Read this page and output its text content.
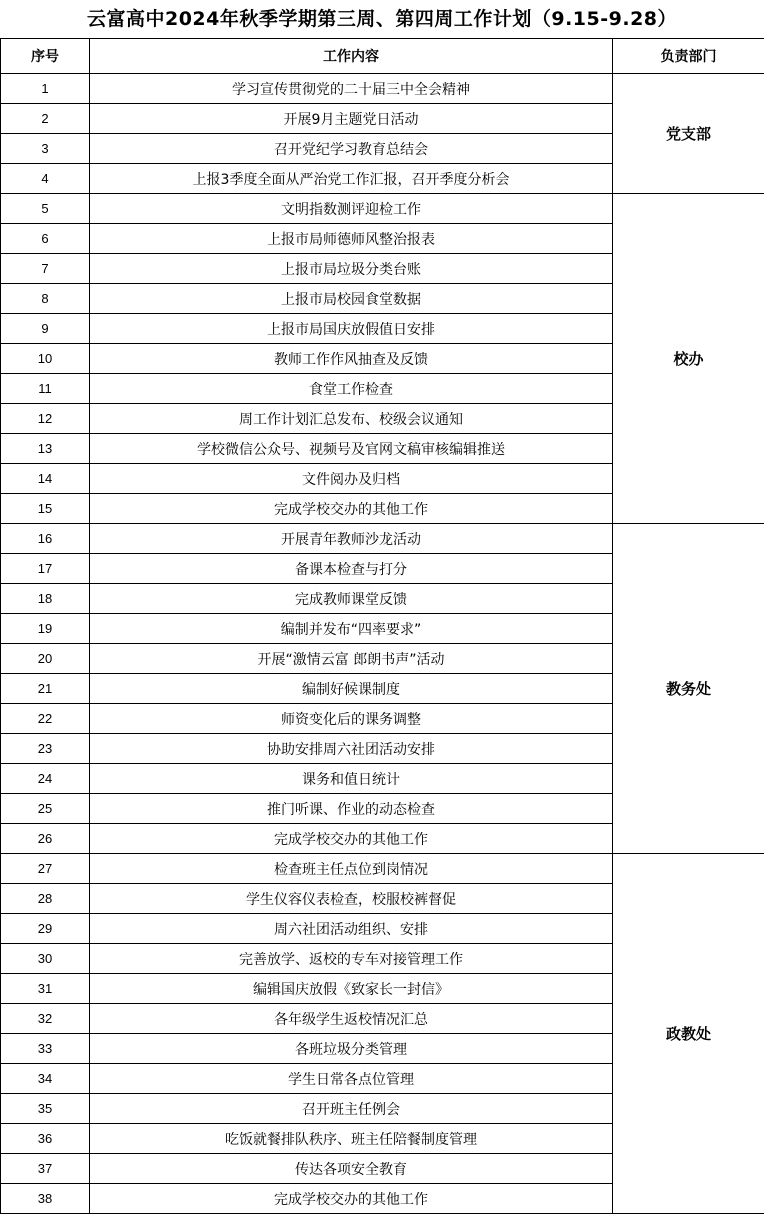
云富高中2024年秋季学期第三周、第四周工作计划（9.15-9.28）
序号	工作内容	负责部门
1	学习宣传贯彻党的二十届三中全会精神	党支部
2	开展9月主题党日活动	
3	召开党纪学习教育总结会	
4	上报3季度全面从严治党工作汇报，召开季度分析会	
5	文明指数测评迎检工作	校办
6	上报市局师德师风整治报表	
7	上报市局垃圾分类台账	
8	上报市局校园食堂数据	
9	上报市局国庆放假值日安排	
10	教师工作作风抽查及反馈	
11	食堂工作检查	
12	周工作计划汇总发布、校级会议通知	
13	学校微信公众号、视频号及官网文稿审核编辑推送	
14	文件阅办及归档	
15	完成学校交办的其他工作	
16	开展青年教师沙龙活动	教务处
17	备课本检查与打分	
18	完成教师课堂反馈	
19	编制并发布“四率要求”	
20	开展“激情云富 郎朗书声”活动	
21	编制好候课制度	
22	师资变化后的课务调整	
23	协助安排周六社团活动安排	
24	课务和值日统计	
25	推门听课、作业的动态检查	
26	完成学校交办的其他工作	
27	检查班主任点位到岗情况	政教处
28	学生仪容仪表检查，校服校裤督促	
29	周六社团活动组织、安排	
30	完善放学、返校的专车对接管理工作	
31	编辑国庆放假《致家长一封信》	
32	各年级学生返校情况汇总	
33	各班垃圾分类管理	
34	学生日常各点位管理	
35	召开班主任例会	
36	吃饭就餐排队秩序、班主任陪餐制度管理	
37	传达各项安全教育	
38	完成学校交办的其他工作	
